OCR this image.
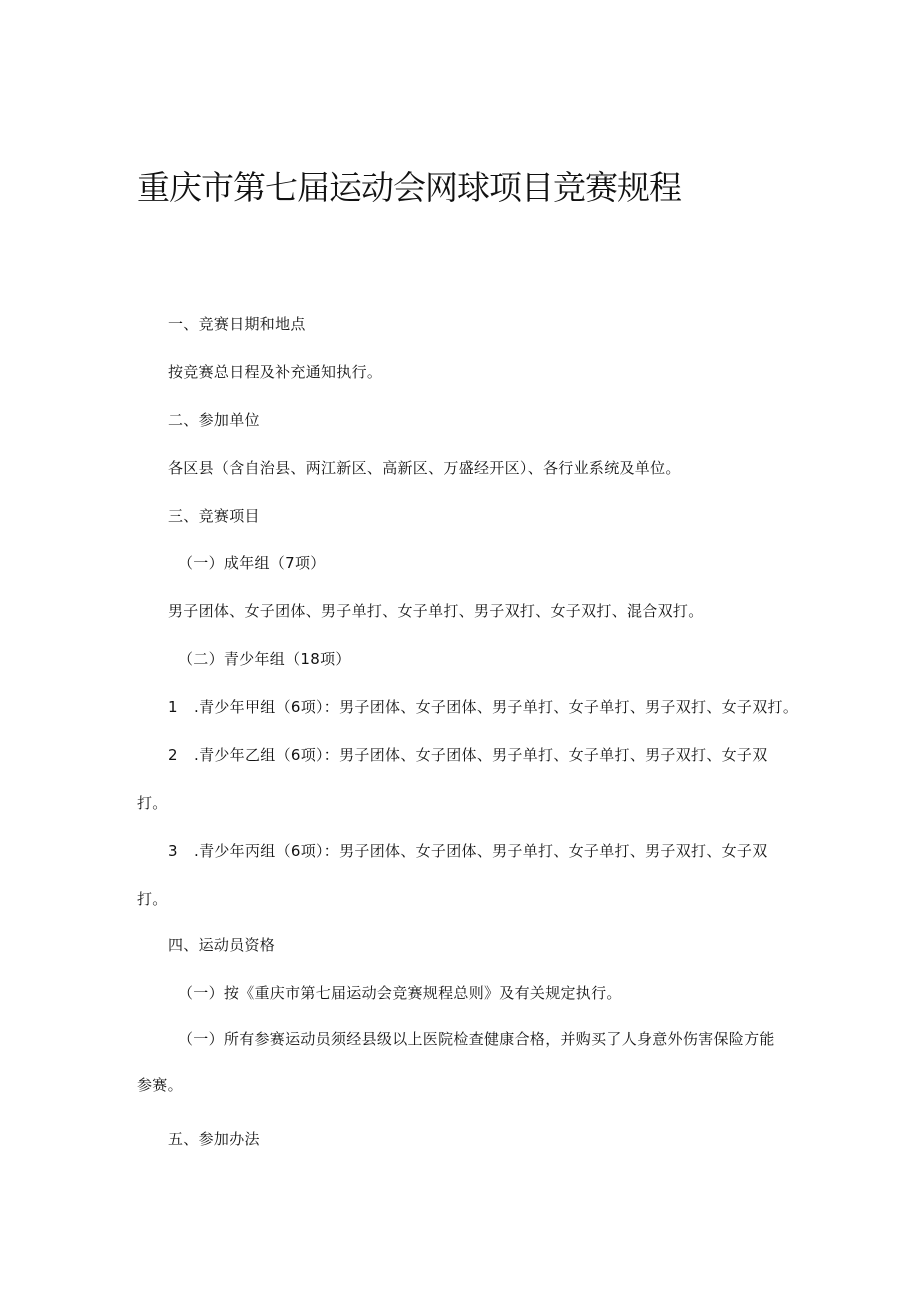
重庆市第七届运动会网球项目竞赛规程
一、竞赛日期和地点
按竞赛总日程及补充通知执行。
二、参加单位
各区县（含自治县、两江新区、高新区、万盛经开区）、各行业系统及单位。
三、竞赛项目
（一）成年组（7项）
男子团体、女子团体、男子单打、女子单打、男子双打、女子双打、混合双打。
（二）青少年组（18项）
1 .青少年甲组（6项）：男子团体、女子团体、男子单打、女子单打、男子双打、女子双打。
2 .青少年乙组（6项）：男子团体、女子团体、男子单打、女子单打、男子双打、女子双
打。
3 .青少年丙组（6项）：男子团体、女子团体、男子单打、女子单打、男子双打、女子双
打。
四、运动员资格
（一）按《重庆市第七届运动会竞赛规程总则》及有关规定执行。
（一）所有参赛运动员须经县级以上医院检查健康合格，并购买了人身意外伤害保险方能
参赛。
五、参加办法
